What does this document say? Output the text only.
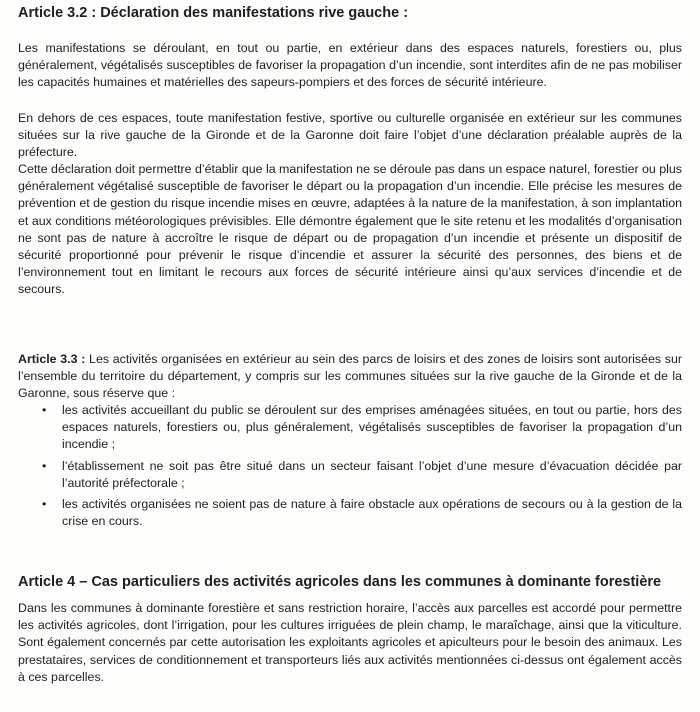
Article 3.2 : Déclaration des manifestations rive gauche :

Les manifestations se déroulant, en tout ou partie, en extérieur dans des espaces naturels, forestiers ou, plus généralement, végétalisés susceptibles de favoriser la propagation d’un incendie, sont interdites afin de ne pas mobiliser les capacités humaines et matérielles des sapeurs-pompiers et des forces de sécurité intérieure.

En dehors de ces espaces, toute manifestation festive, sportive ou culturelle organisée en extérieur sur les communes situées sur la rive gauche de la Gironde et de la Garonne doit faire l’objet d’une déclaration préalable auprès de la préfecture.

Cette déclaration doit permettre d’établir que la manifestation ne se déroule pas dans un espace naturel, forestier ou plus généralement végétalisé susceptible de favoriser le départ ou la propagation d’un incendie. Elle précise les mesures de prévention et de gestion du risque incendie mises en œuvre, adaptées à la nature de la manifestation, à son implantation et aux conditions météorologiques prévisibles. Elle démontre également que le site retenu et les modalités d’organisation ne sont pas de nature à accroître le risque de départ ou de propagation d’un incendie et présente un dispositif de sécurité proportionné pour prévenir le risque d’incendie et assurer la sécurité des personnes, des biens et de l’environnement tout en limitant le recours aux forces de sécurité intérieure ainsi qu’aux services d’incendie et de secours.

Article 3.3 : Les activités organisées en extérieur au sein des parcs de loisirs et des zones de loisirs sont autorisées sur l’ensemble du territoire du département, y compris sur les communes situées sur la rive gauche de la Gironde et de la Garonne, sous réserve que :

• les activités accueillant du public se déroulent sur des emprises aménagées situées, en tout ou partie, hors des espaces naturels, forestiers ou, plus généralement, végétalisés susceptibles de favoriser la propagation d’un incendie ;
• l’établissement ne soit pas être situé dans un secteur faisant l’objet d’une mesure d’évacuation décidée par l’autorité préfectorale ;
• les activités organisées ne soient pas de nature à faire obstacle aux opérations de secours ou à la gestion de la crise en cours.
Article 4 – Cas particuliers des activités agricoles dans les communes à dominante forestière

Dans les communes à dominante forestière et sans restriction horaire, l’accès aux parcelles est accordé pour permettre les activités agricoles, dont l’irrigation, pour les cultures irriguées de plein champ, le maraîchage, ainsi que la viticulture. Sont également concernés par cette autorisation les exploitants agricoles et apiculteurs pour le besoin des animaux. Les prestataires, services de conditionnement et transporteurs liés aux activités mentionnées ci-dessus ont également accès à ces parcelles.
